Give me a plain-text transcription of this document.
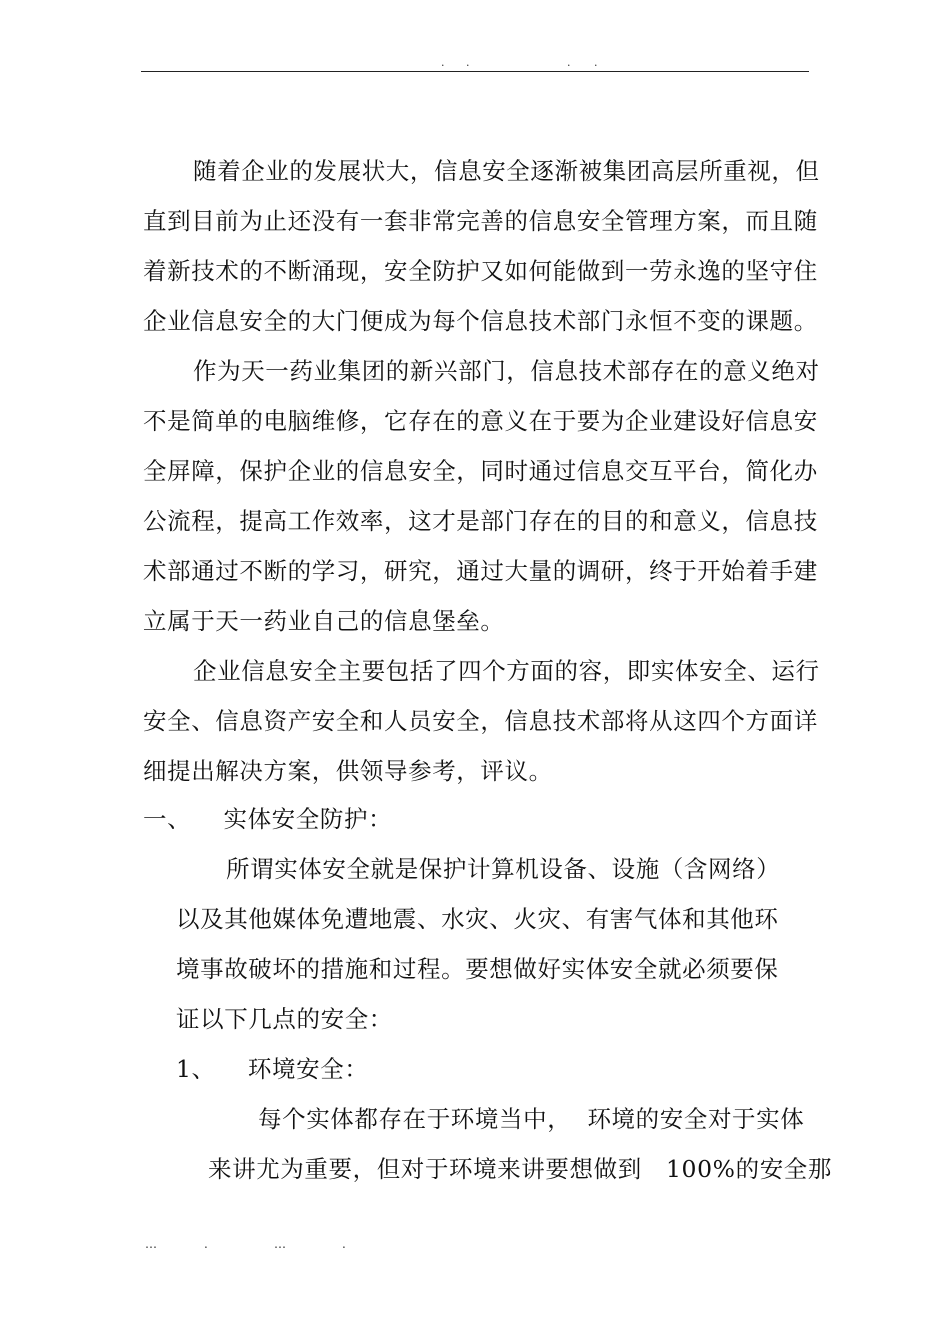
. .	. .
随着企业的发展状大，信息安全逐渐被集团高层所重视，但
直到目前为止还没有一套非常完善的信息安全管理方案，而且随
着新技术的不断涌现，安全防护又如何能做到一劳永逸的坚守住
企业信息安全的大门便成为每个信息技术部门永恒不变的课题。
作为天一药业集团的新兴部门，信息技术部存在的意义绝对
不是简单的电脑维修，它存在的意义在于要为企业建设好信息安
全屏障，保护企业的信息安全，同时通过信息交互平台，简化办
公流程，提高工作效率，这才是部门存在的目的和意义，信息技
术部通过不断的学习，研究，通过大量的调研，终于开始着手建
立属于天一药业自己的信息堡垒。
企业信息安全主要包括了四个方面的容，即实体安全、运行
安全、信息资产安全和人员安全，信息技术部将从这四个方面详
细提出解决方案，供领导参考，评议。
一、    实体安全防护：
所谓实体安全就是保护计算机设备、设施（含网络）
以及其他媒体免遭地震、水灾、火灾、有害气体和其他环
境事故破坏的措施和过程。要想做好实体安全就必须要保
证以下几点的安全：
1、    环境安全：
每个实体都存在于环境当中，  环境的安全对于实体
来讲尤为重要，但对于环境来讲要想做到   100%的安全那
…	.	…	.
